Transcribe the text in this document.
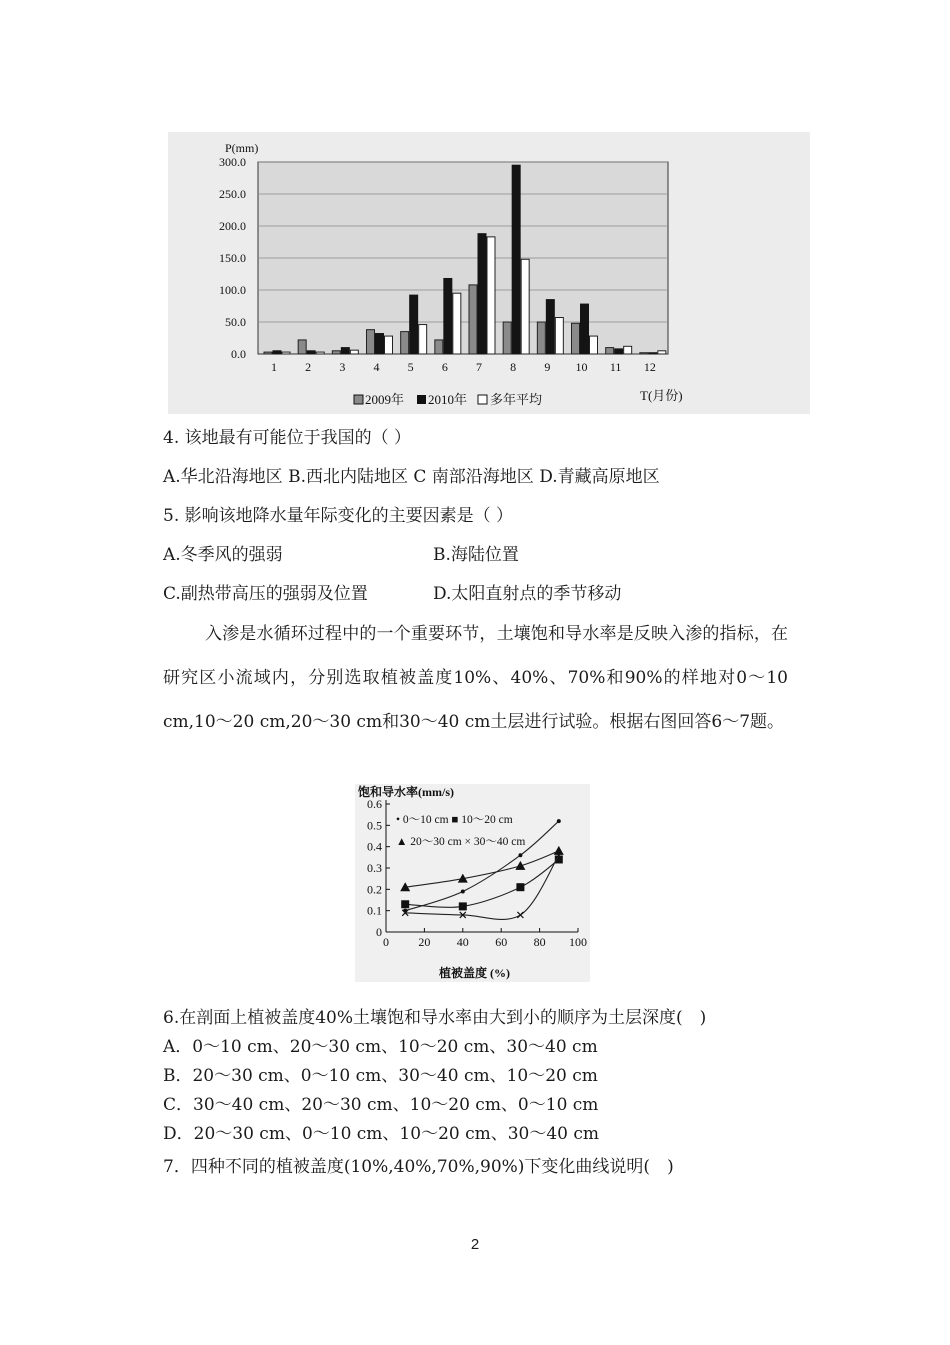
P(mm)
300.0
250.0
200.0
150.0
100.0
50.0
0.0
1 2 3 4 5 6 7 8 9 10 11 12
T(月份)
2009年 2010年 多年平均
4. 该地最有可能位于我国的（ ）
A.华北沿海地区 B.西北内陆地区 C 南部沿海地区 D.青藏高原地区
5. 影响该地降水量年际变化的主要因素是（ ）
A.冬季风的强弱	B.海陆位置
C.副热带高压的强弱及位置	D.太阳直射点的季节移动
入渗是水循环过程中的一个重要环节，土壤饱和导水率是反映入渗的指标，在研究区小流域内，分别选取植被盖度10%、40%、70%和90%的样地对0～10 cm,10～20 cm,20～30 cm和30～40 cm土层进行试验。根据右图回答6～7题。
饱和导水率(mm/s)
• 0～10 cm ■ 10～20 cm
▲ 20～30 cm × 30～40 cm
0.6
0.5
0.4
0.3
0.2
0.1
0
0 20 40 60 80 100
植被盖度 (%)
6.在剖面上植被盖度40%土壤饱和导水率由大到小的顺序为土层深度(　)
A．0～10 cm、20～30 cm、10～20 cm、30～40 cm
B．20～30 cm、0～10 cm、30～40 cm、10～20 cm
C．30～40 cm、20～30 cm、10～20 cm、0～10 cm
D．20～30 cm、0～10 cm、10～20 cm、30～40 cm
7．四种不同的植被盖度(10%,40%,70%,90%)下变化曲线说明(　)
2
